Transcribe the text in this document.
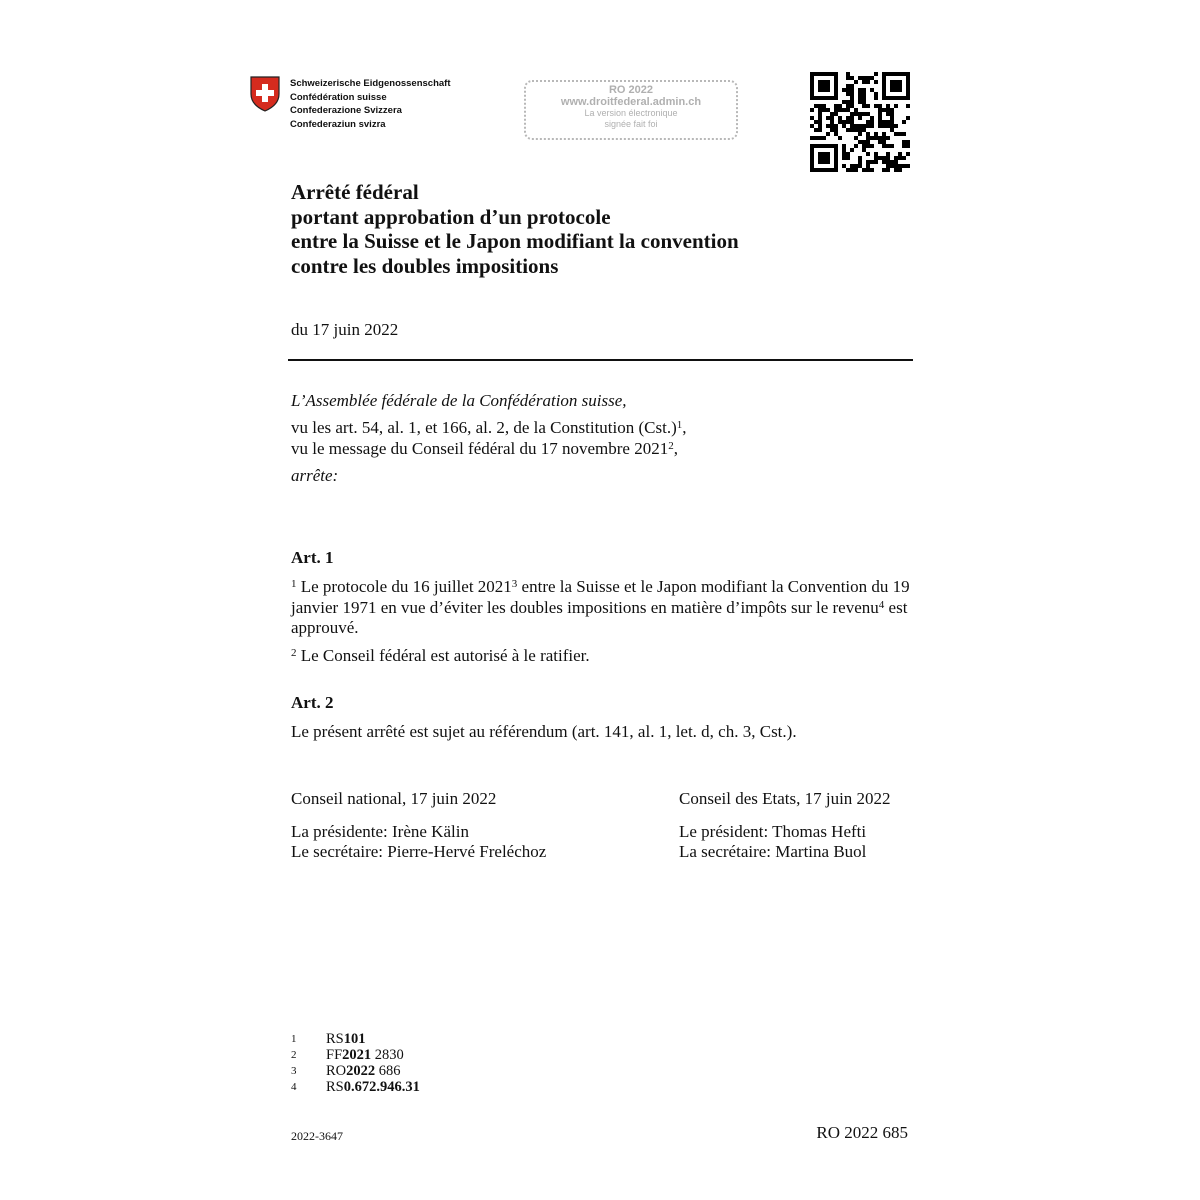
Schweizerische Eidgenossenschaft
Confédération suisse
Confederazione Svizzera
Confederaziun svizra
RO 2022
www.droitfederal.admin.ch
La version électronique
signée fait foi
Arrêté fédéral
portant approbation d’un protocole
entre la Suisse et le Japon modifiant la convention
contre les doubles impositions
du 17 juin 2022
L’Assemblée fédérale de la Confédération suisse,
vu les art. 54, al. 1, et 166, al. 2, de la Constitution $(Cst.)^1$,
vu le message du Conseil fédéral du 17 novembre 2021$^2$,
arrête:
Art. 1
$^1$ Le protocole du 16 juillet 2021$^3$ entre la Suisse et le Japon modifiant la Convention du 19 janvier 1971 en vue d’éviter les doubles impositions en matière d’impôts sur le revenu$^4$ est approuvé.
$^2$ Le Conseil fédéral est autorisé à le ratifier.
Art. 2
Le présent arrêté est sujet au référendum (art. 141, al. 1, let. d, ch. 3, Cst.).
Conseil national, 17 juin 2022
La présidente: Irène Kälin
Le secrétaire: Pierre-Hervé Freléchoz
Conseil des Etats, 17 juin 2022
Le président: Thomas Hefti
La secrétaire: Martina Buol
1	RS 101
2	FF 2021 2830
3	RO 2022 686
4	RS 0.672.946.31
2022-3647	RO 2022 685
